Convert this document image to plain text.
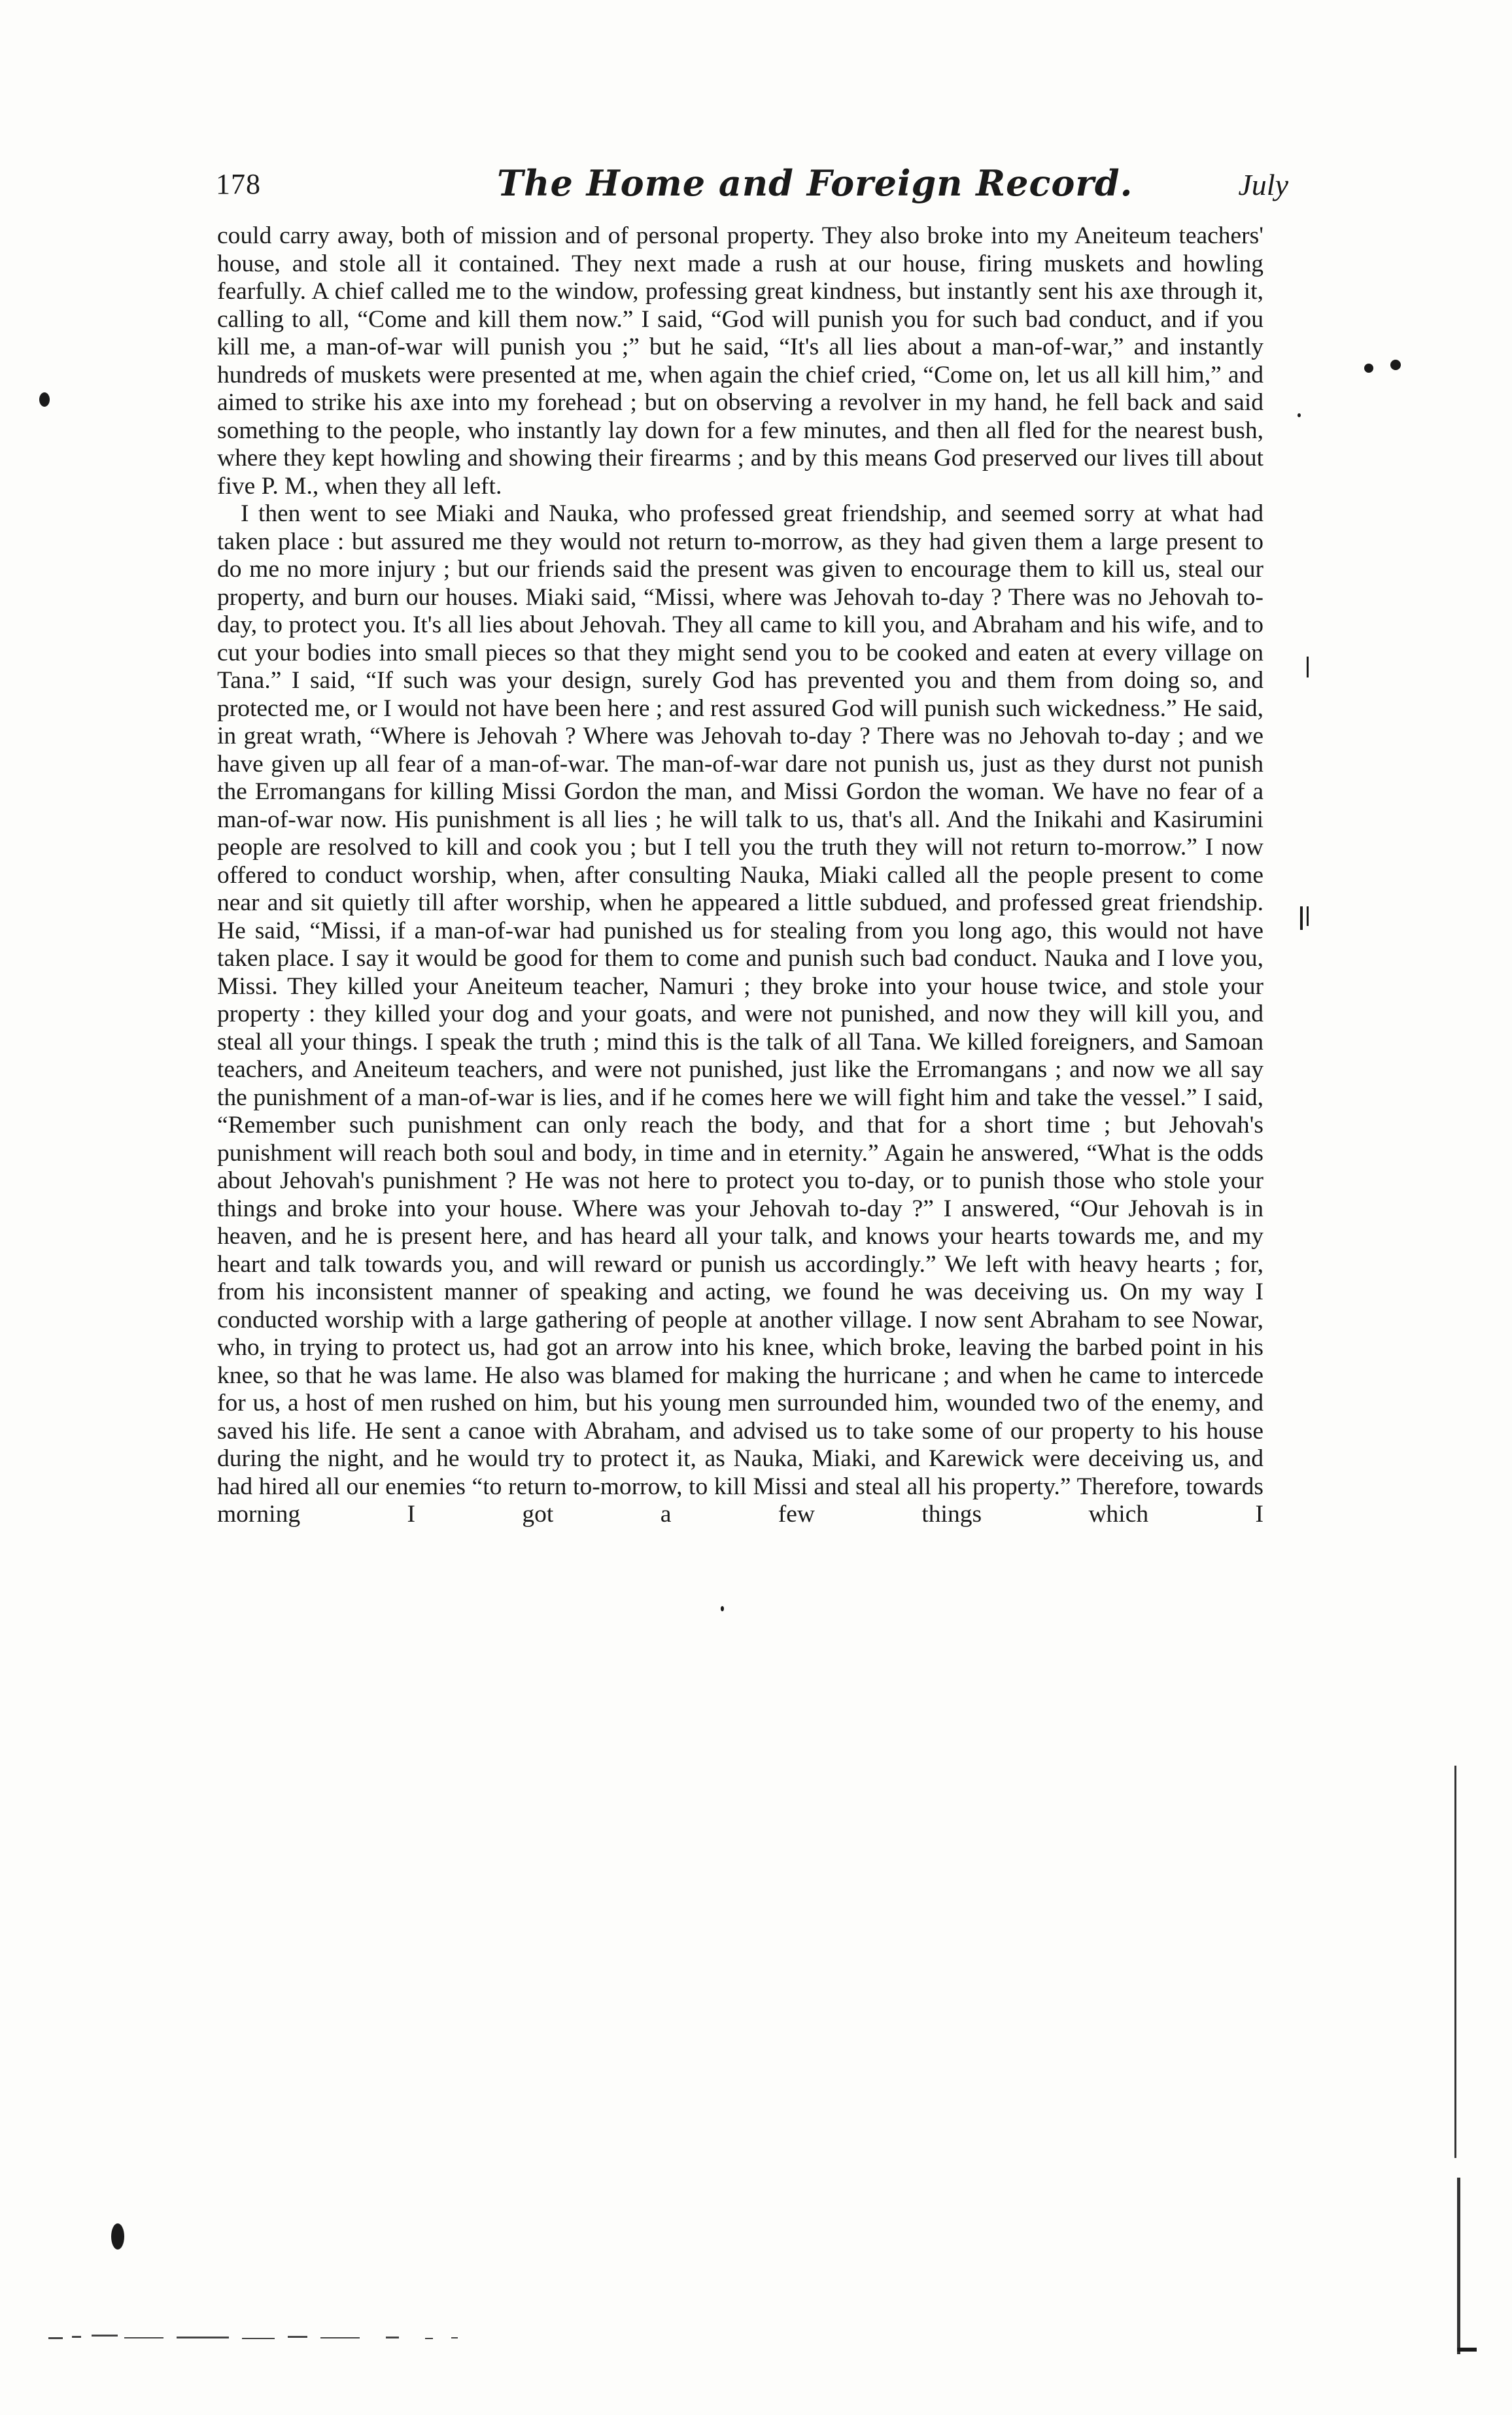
178	The Home and Foreign Record.	July

could carry away, both of mission and of personal property. They also broke into my Aneiteum teachers' house, and stole all it contained. They next made a rush at our house, firing muskets and howling fearfully. A chief called me to the window, professing great kindness, but instantly sent his axe through it, calling to all, “Come and kill them now.” I said, “God will punish you for such bad conduct, and if you kill me, a man-of-war will punish you ;” but he said, “It's all lies about a man-of-war,” and instantly hundreds of muskets were presented at me, when again the chief cried, “Come on, let us all kill him,” and aimed to strike his axe into my forehead ; but on observing a revolver in my hand, he fell back and said something to the people, who instantly lay down for a few minutes, and then all fled for the nearest bush, where they kept howling and showing their firearms ; and by this means God preserved our lives till about five P. M., when they all left.

I then went to see Miaki and Nauka, who professed great friendship, and seemed sorry at what had taken place : but assured me they would not return to-morrow, as they had given them a large present to do me no more injury ; but our friends said the present was given to encourage them to kill us, steal our property, and burn our houses. Miaki said, “Missi, where was Jehovah to-day ? There was no Jehovah to-day, to protect you. It's all lies about Jehovah. They all came to kill you, and Abraham and his wife, and to cut your bodies into small pieces so that they might send you to be cooked and eaten at every village on Tana.” I said, “If such was your design, surely God has prevented you and them from doing so, and protected me, or I would not have been here ; and rest assured God will punish such wickedness.” He said, in great wrath, “Where is Jehovah ? Where was Jehovah to-day ? There was no Jehovah to-day ; and we have given up all fear of a man-of-war. The man-of-war dare not punish us, just as they durst not punish the Erromangans for killing Missi Gordon the man, and Missi Gordon the woman. We have no fear of a man-of-war now. His punishment is all lies ; he will talk to us, that's all. And the Inikahi and Kasirumini people are resolved to kill and cook you ; but I tell you the truth they will not return to-morrow.” I now offered to conduct worship, when, after consulting Nauka, Miaki called all the people present to come near and sit quietly till after worship, when he appeared a little subdued, and professed great friendship. He said, “Missi, if a man-of-war had punished us for stealing from you long ago, this would not have taken place. I say it would be good for them to come and punish such bad conduct. Nauka and I love you, Missi. They killed your Aneiteum teacher, Namuri ; they broke into your house twice, and stole your property : they killed your dog and your goats, and were not punished, and now they will kill you, and steal all your things. I speak the truth ; mind this is the talk of all Tana. We killed foreigners, and Samoan teachers, and Aneiteum teachers, and were not punished, just like the Erromangans ; and now we all say the punishment of a man-of-war is lies, and if he comes here we will fight him and take the vessel.” I said, “Remember such punishment can only reach the body, and that for a short time ; but Jehovah's punishment will reach both soul and body, in time and in eternity.” Again he answered, “What is the odds about Jehovah's punishment ? He was not here to protect you to-day, or to punish those who stole your things and broke into your house. Where was your Jehovah to-day ?” I answered, “Our Jehovah is in heaven, and he is present here, and has heard all your talk, and knows your hearts towards me, and my heart and talk towards you, and will reward or punish us accordingly.” We left with heavy hearts ; for, from his inconsistent manner of speaking and acting, we found he was deceiving us. On my way I conducted worship with a large gathering of people at another village. I now sent Abraham to see Nowar, who, in trying to protect us, had got an arrow into his knee, which broke, leaving the barbed point in his knee, so that he was lame. He also was blamed for making the hurricane ; and when he came to intercede for us, a host of men rushed on him, but his young men surrounded him, wounded two of the enemy, and saved his life. He sent a canoe with Abraham, and advised us to take some of our property to his house during the night, and he would try to protect it, as Nauka, Miaki, and Karewick were deceiving us, and had hired all our enemies “to return to-morrow, to kill Missi and steal all his property.” Therefore, towards morning I got a few things which I
